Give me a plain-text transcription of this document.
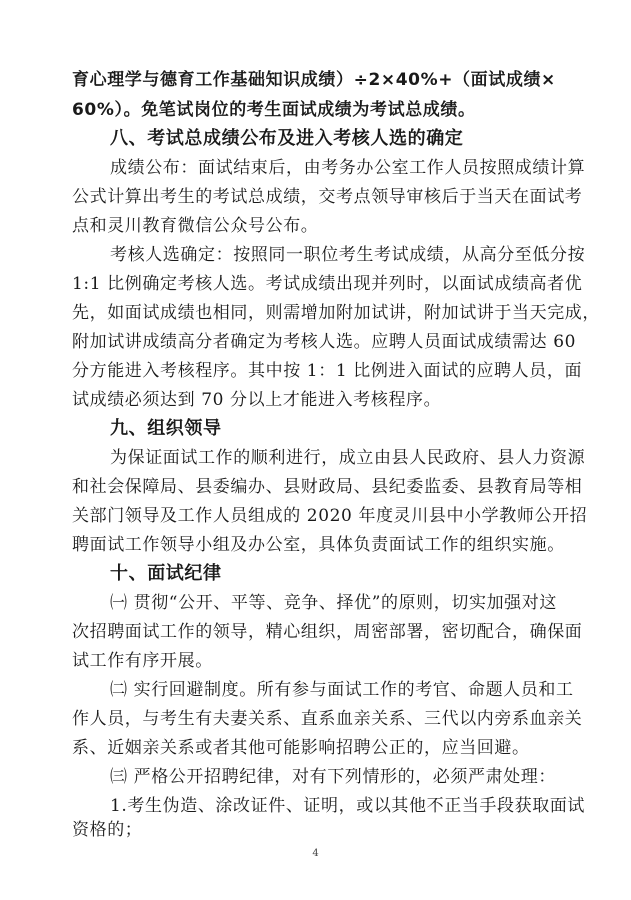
育心理学与德育工作基础知识成绩）÷2×40%+（面试成绩×
60%）。免笔试岗位的考生面试成绩为考试总成绩。
八、考试总成绩公布及进入考核人选的确定
成绩公布：面试结束后，由考务办公室工作人员按照成绩计算
公式计算出考生的考试总成绩，交考点领导审核后于当天在面试考
点和灵川教育微信公众号公布。
考核人选确定：按照同一职位考生考试成绩，从高分至低分按
1:1 比例确定考核人选。考试成绩出现并列时，以面试成绩高者优
先，如面试成绩也相同，则需增加附加试讲，附加试讲于当天完成，
附加试讲成绩高分者确定为考核人选。应聘人员面试成绩需达 60
分方能进入考核程序。其中按 1：1 比例进入面试的应聘人员，面
试成绩必须达到 70 分以上才能进入考核程序。
九、组织领导
为保证面试工作的顺利进行，成立由县人民政府、县人力资源
和社会保障局、县委编办、县财政局、县纪委监委、县教育局等相
关部门领导及工作人员组成的 2020 年度灵川县中小学教师公开招
聘面试工作领导小组及办公室，具体负责面试工作的组织实施。
十、面试纪律
㈠ 贯彻“公开、平等、竞争、择优”的原则，切实加强对这
次招聘面试工作的领导，精心组织，周密部署，密切配合，确保面
试工作有序开展。
㈡ 实行回避制度。所有参与面试工作的考官、命题人员和工
作人员，与考生有夫妻关系、直系血亲关系、三代以内旁系血亲关
系、近姻亲关系或者其他可能影响招聘公正的，应当回避。
㈢ 严格公开招聘纪律，对有下列情形的，必须严肃处理：
1.考生伪造、涂改证件、证明，或以其他不正当手段获取面试
资格的；
4
